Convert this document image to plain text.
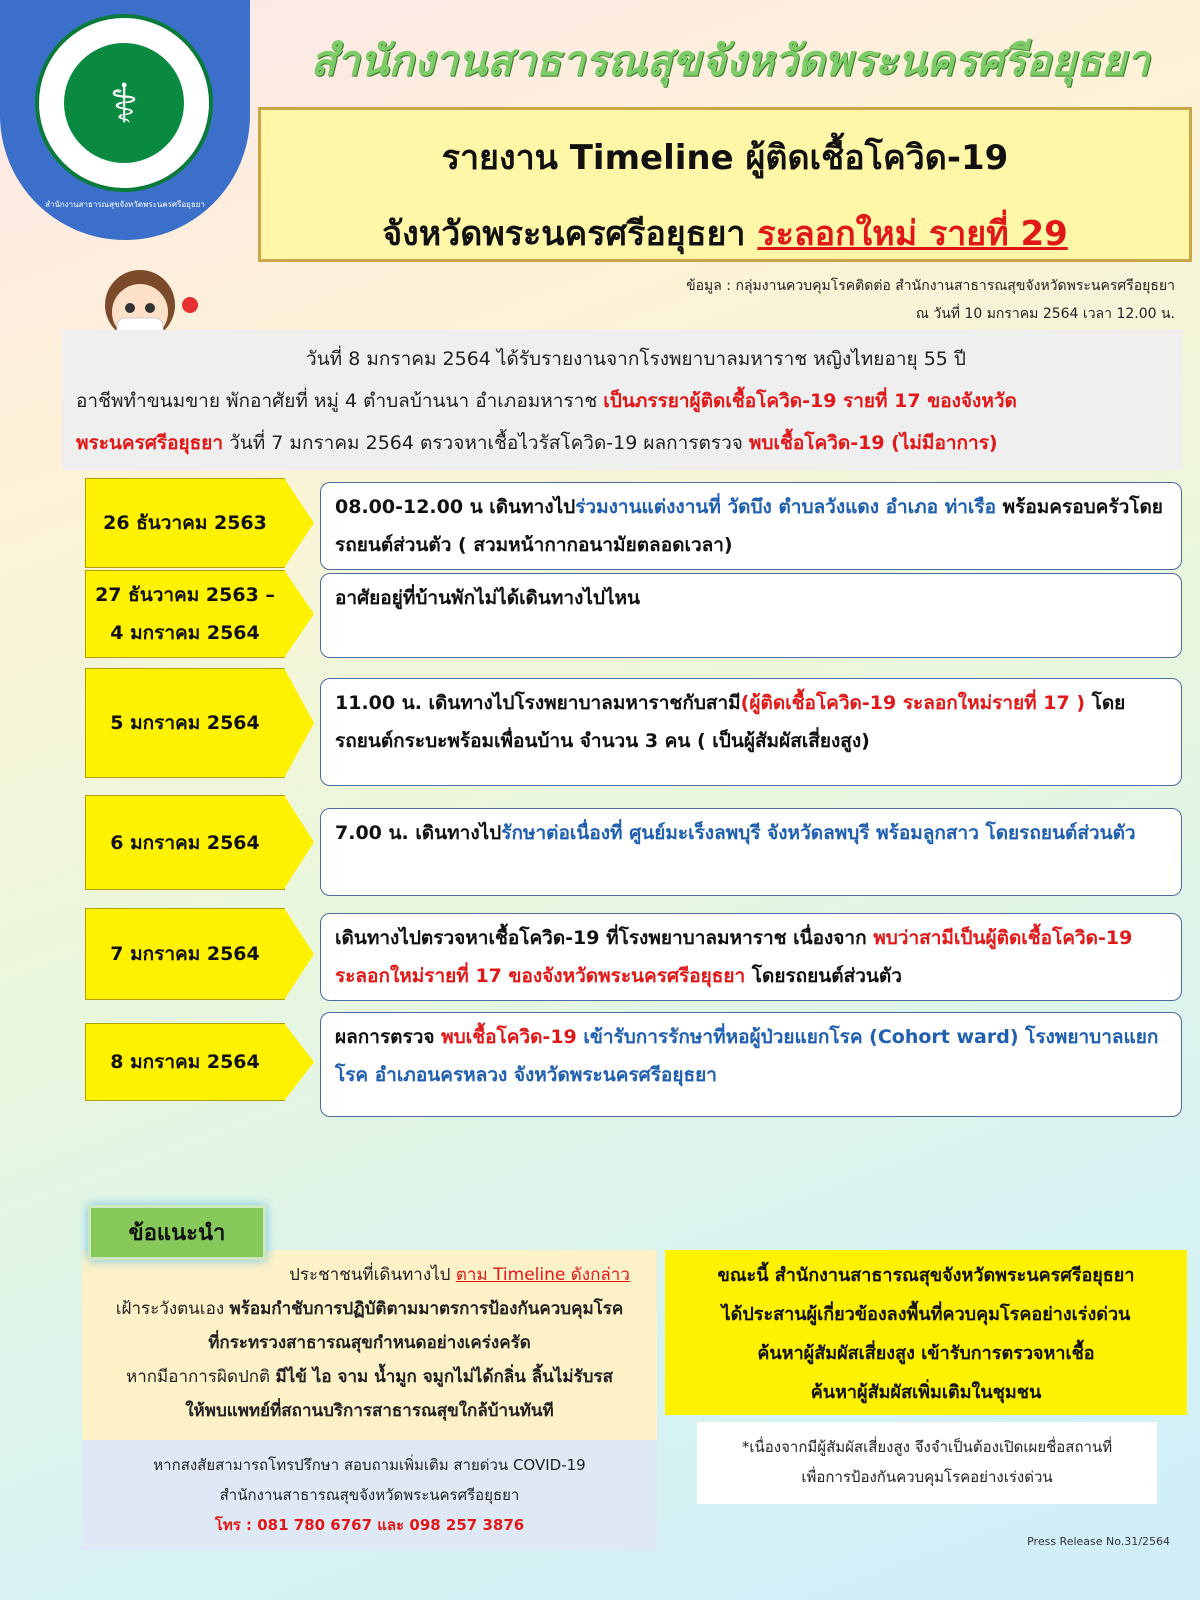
⚕
สำนักงานสาธารณสุขจังหวัดพระนครศรีอยุธยา
สำนักงานสาธารณสุขจังหวัดพระนครศรีอยุธยา
รายงาน Timeline ผู้ติดเชื้อโควิด-19
จังหวัดพระนครศรีอยุธยา ระลอกใหม่ รายที่ 29
ข้อมูล : กลุ่มงานควบคุมโรคติดต่อ สำนักงานสาธารณสุขจังหวัดพระนครศรีอยุธยา
ณ วันที่ 10 มกราคม 2564 เวลา 12.00 น.
วันที่ 8 มกราคม 2564 ได้รับรายงานจากโรงพยาบาลมหาราช หญิงไทยอายุ 55 ปี
อาชีพทำขนมขาย พักอาศัยที่ หมู่ 4 ตำบลบ้านนา อำเภอมหาราช เป็นภรรยาผู้ติดเชื้อโควิด-19 รายที่ 17 ของจังหวัด
พระนครศรีอยุธยา วันที่ 7 มกราคม 2564 ตรวจหาเชื้อไวรัสโควิด-19 ผลการตรวจ พบเชื้อโควิด-19 (ไม่มีอาการ)
26 ธันวาคม 2563
08.00-12.00 น เดินทางไปร่วมงานแต่งงานที่ วัดบึง ตำบลวังแดง อำเภอ ท่าเรือ พร้อมครอบครัวโดยรถยนต์ส่วนตัว ( สวมหน้ากากอนามัยตลอดเวลา)
27 ธันวาคม 2563 – 4 มกราคม 2564
อาศัยอยู่ที่บ้านพักไม่ได้เดินทางไปไหน
5 มกราคม 2564
11.00 น. เดินทางไปโรงพยาบาลมหาราชกับสามี(ผู้ติดเชื้อโควิด-19 ระลอกใหม่รายที่ 17 ) โดยรถยนต์กระบะพร้อมเพื่อนบ้าน จำนวน 3 คน ( เป็นผู้สัมผัสเสี่ยงสูง)
6 มกราคม 2564	7.00 น. เดินทางไปรักษาต่อเนื่องที่ ศูนย์มะเร็งลพบุรี จังหวัดลพบุรี พร้อมลูกสาว โดยรถยนต์ส่วนตัว
7 มกราคม 2564
เดินทางไปตรวจหาเชื้อโควิด-19 ที่โรงพยาบาลมหาราช เนื่องจาก พบว่าสามีเป็นผู้ติดเชื้อโควิด-19 ระลอกใหม่รายที่ 17 ของจังหวัดพระนครศรีอยุธยา โดยรถยนต์ส่วนตัว
8 มกราคม 2564
ผลการตรวจ พบเชื้อโควิด-19 เข้ารับการรักษาที่หอผู้ป่วยแยกโรค (Cohort ward) โรงพยาบาลแยกโรค อำเภอนครหลวง จังหวัดพระนครศรีอยุธยา
ประชาชนที่เดินทางไป ตาม Timeline ดังกล่าว
เฝ้าระวังตนเอง พร้อมกำชับการปฏิบัติตามมาตรการป้องกันควบคุมโรค
ที่กระทรวงสาธารณสุขกำหนดอย่างเคร่งครัด
หากมีอาการผิดปกติ มีไข้ ไอ จาม น้ำมูก จมูกไม่ได้กลิ่น ลิ้นไม่รับรส
ให้พบแพทย์ที่สถานบริการสาธารณสุขใกล้บ้านทันที
ข้อแนะนำ
หากสงสัยสามารถโทรปรึกษา สอบถามเพิ่มเติม สายด่วน COVID-19
สำนักงานสาธารณสุขจังหวัดพระนครศรีอยุธยา
โทร : 081 780 6767 และ 098 257 3876
ขณะนี้ สำนักงานสาธารณสุขจังหวัดพระนครศรีอยุธยา
ได้ประสานผู้เกี่ยวข้องลงพื้นที่ควบคุมโรคอย่างเร่งด่วน
ค้นหาผู้สัมผัสเสี่ยงสูง เข้ารับการตรวจหาเชื้อ
ค้นหาผู้สัมผัสเพิ่มเติมในชุมชน
*เนื่องจากมีผู้สัมผัสเสี่ยงสูง จึงจำเป็นต้องเปิดเผยชื่อสถานที่
เพื่อการป้องกันควบคุมโรคอย่างเร่งด่วน
Press Release No.31/2564
